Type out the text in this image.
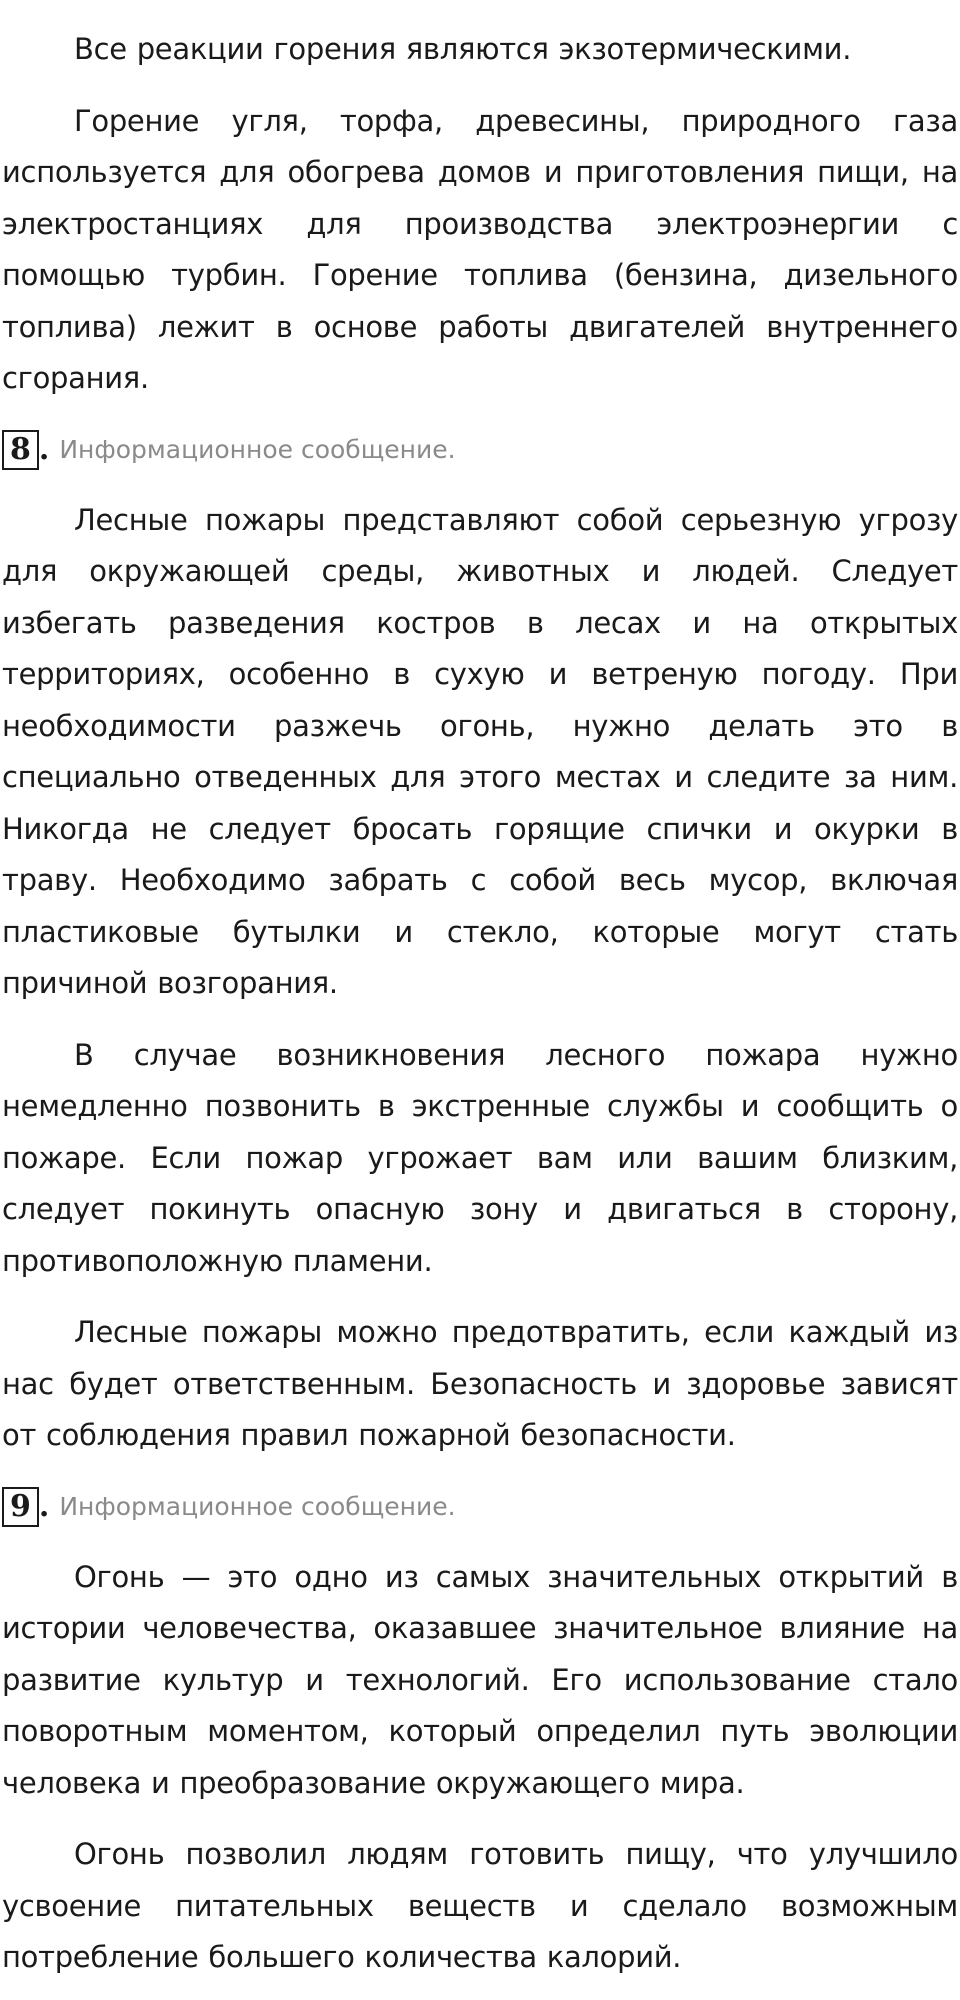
Все реакции горения являются экзотермическими.

Горение угля, торфа, древесины, природного газа используется для обогрева домов и приготовления пищи, на электростанциях для производства электроэнергии с помощью турбин. Горение топлива (бензина, дизельного топлива) лежит в основе работы двигателей внутреннего сгорания.

8 . Информационное сообщение.

Лесные пожары представляют собой серьезную угрозу для окружающей среды, животных и людей. Следует избегать разведения костров в лесах и на открытых территориях, особенно в сухую и ветреную погоду. При необходимости разжечь огонь, нужно делать это в специально отведенных для этого местах и следите за ним. Никогда не следует бросать горящие спички и окурки в траву. Необходимо забрать с собой весь мусор, включая пластиковые бутылки и стекло, которые могут стать причиной возгорания.

В случае возникновения лесного пожара нужно немедленно позвонить в экстренные службы и сообщить о пожаре. Если пожар угрожает вам или вашим близким, следует покинуть опасную зону и двигаться в сторону, противоположную пламени.

Лесные пожары можно предотвратить, если каждый из нас будет ответственным. Безопасность и здоровье зависят от соблюдения правил пожарной безопасности.

9 . Информационное сообщение.

Огонь — это одно из самых значительных открытий в истории человечества, оказавшее значительное влияние на развитие культур и технологий. Его использование стало поворотным моментом, который определил путь эволюции человека и преобразование окружающего мира.

Огонь позволил людям готовить пищу, что улучшило усвоение питательных веществ и сделало возможным потребление большего количества калорий.
